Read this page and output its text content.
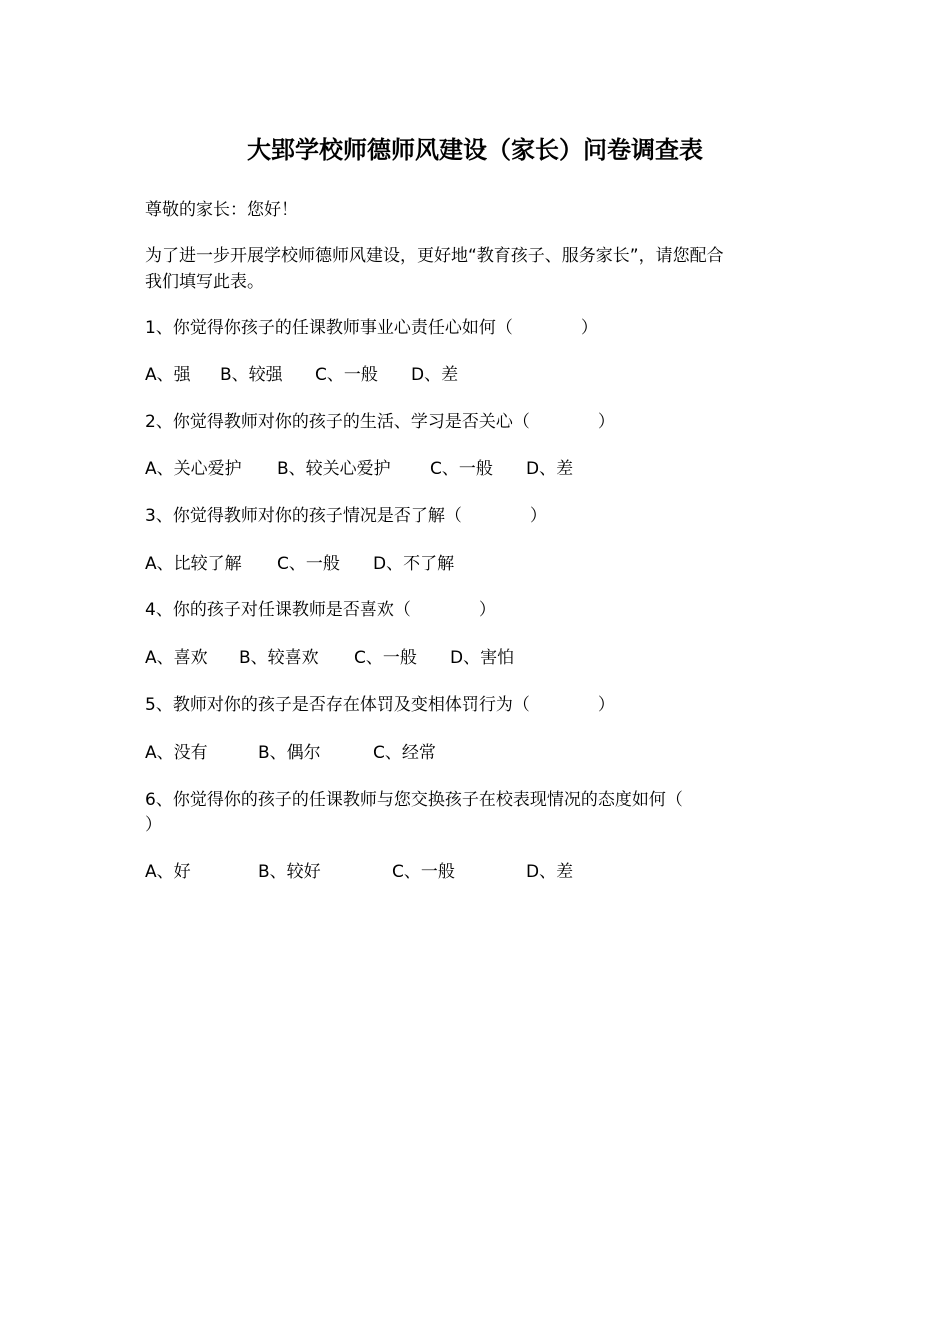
大郢学校师德师风建设（家长）问卷调查表
尊敬的家长：您好！
为了进一步开展学校师德师风建设，更好地“教育孩子、服务家长”，请您配合
我们填写此表。
1、你觉得你孩子的任课教师事业心责任心如何（　　　　）
A、强 B、较强 C、一般 D、差
2、你觉得教师对你的孩子的生活、学习是否关心（　　　　）
A、关心爱护 B、较关心爱护 C、一般 D、差
3、你觉得教师对你的孩子情况是否了解（　　　　）
A、比较了解 C、一般 D、不了解
4、你的孩子对任课教师是否喜欢（　　　　）
A、喜欢 B、较喜欢 C、一般 D、害怕
5、教师对你的孩子是否存在体罚及变相体罚行为（　　　　）
A、没有	B、偶尔	C、经常
6、你觉得你的孩子的任课教师与您交换孩子在校表现情况的态度如何（
）
A、好	B、较好	C、一般	D、差
